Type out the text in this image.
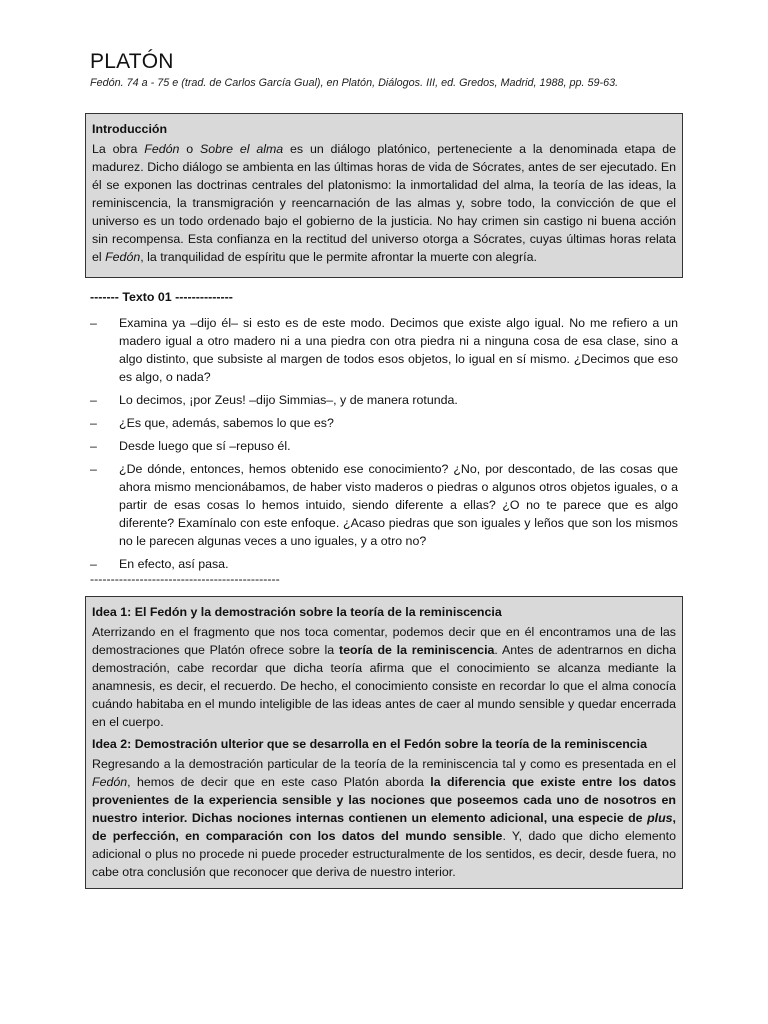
PLATÓN
Fedón. 74 a - 75 e (trad. de Carlos García Gual), en Platón, Diálogos. III, ed. Gredos, Madrid, 1988, pp. 59-63.
Introducción

La obra Fedón o Sobre el alma es un diálogo platónico, perteneciente a la denominada etapa de madurez. Dicho diálogo se ambienta en las últimas horas de vida de Sócrates, antes de ser ejecutado. En él se exponen las doctrinas centrales del platonismo: la inmortalidad del alma, la teoría de las ideas, la reminiscencia, la transmigración y reencarnación de las almas y, sobre todo, la convicción de que el universo es un todo ordenado bajo el gobierno de la justicia. No hay crimen sin castigo ni buena acción sin recompensa. Esta confianza en la rectitud del universo otorga a Sócrates, cuyas últimas horas relata el Fedón, la tranquilidad de espíritu que le permite afrontar la muerte con alegría.

------- Texto 01 --------------
– Examina ya –dijo él– si esto es de este modo. Decimos que existe algo igual. No me refiero a un madero igual a otro madero ni a una piedra con otra piedra ni a ninguna cosa de esa clase, sino a algo distinto, que subsiste al margen de todos esos objetos, lo igual en sí mismo. ¿Decimos que eso es algo, o nada?
– Lo decimos, ¡por Zeus! –dijo Simmias–, y de manera rotunda.
– ¿Es que, además, sabemos lo que es?
– Desde luego que sí –repuso él.
– ¿De dónde, entonces, hemos obtenido ese conocimiento? ¿No, por descontado, de las cosas que ahora mismo mencionábamos, de haber visto maderos o piedras o algunos otros objetos iguales, o a partir de esas cosas lo hemos intuido, siendo diferente a ellas? ¿O no te parece que es algo diferente? Examínalo con este enfoque. ¿Acaso piedras que son iguales y leños que son los mismos no le parecen algunas veces a uno iguales, y a otro no?
– En efecto, así pasa.
----------------------------------------------
Idea 1: El Fedón y la demostración sobre la teoría de la reminiscencia

Aterrizando en el fragmento que nos toca comentar, podemos decir que en él encontramos una de las demostraciones que Platón ofrece sobre la teoría de la reminiscencia. Antes de adentrarnos en dicha demostración, cabe recordar que dicha teoría afirma que el conocimiento se alcanza mediante la anamnesis, es decir, el recuerdo. De hecho, el conocimiento consiste en recordar lo que el alma conocía cuándo habitaba en el mundo inteligible de las ideas antes de caer al mundo sensible y quedar encerrada en el cuerpo.

Idea 2: Demostración ulterior que se desarrolla en el Fedón sobre la teoría de la reminiscencia

Regresando a la demostración particular de la teoría de la reminiscencia tal y como es presentada en el Fedón, hemos de decir que en este caso Platón aborda la diferencia que existe entre los datos provenientes de la experiencia sensible y las nociones que poseemos cada uno de nosotros en nuestro interior. Dichas nociones internas contienen un elemento adicional, una especie de plus, de perfección, en comparación con los datos del mundo sensible. Y, dado que dicho elemento adicional o plus no procede ni puede proceder estructuralmente de los sentidos, es decir, desde fuera, no cabe otra conclusión que reconocer que deriva de nuestro interior.
